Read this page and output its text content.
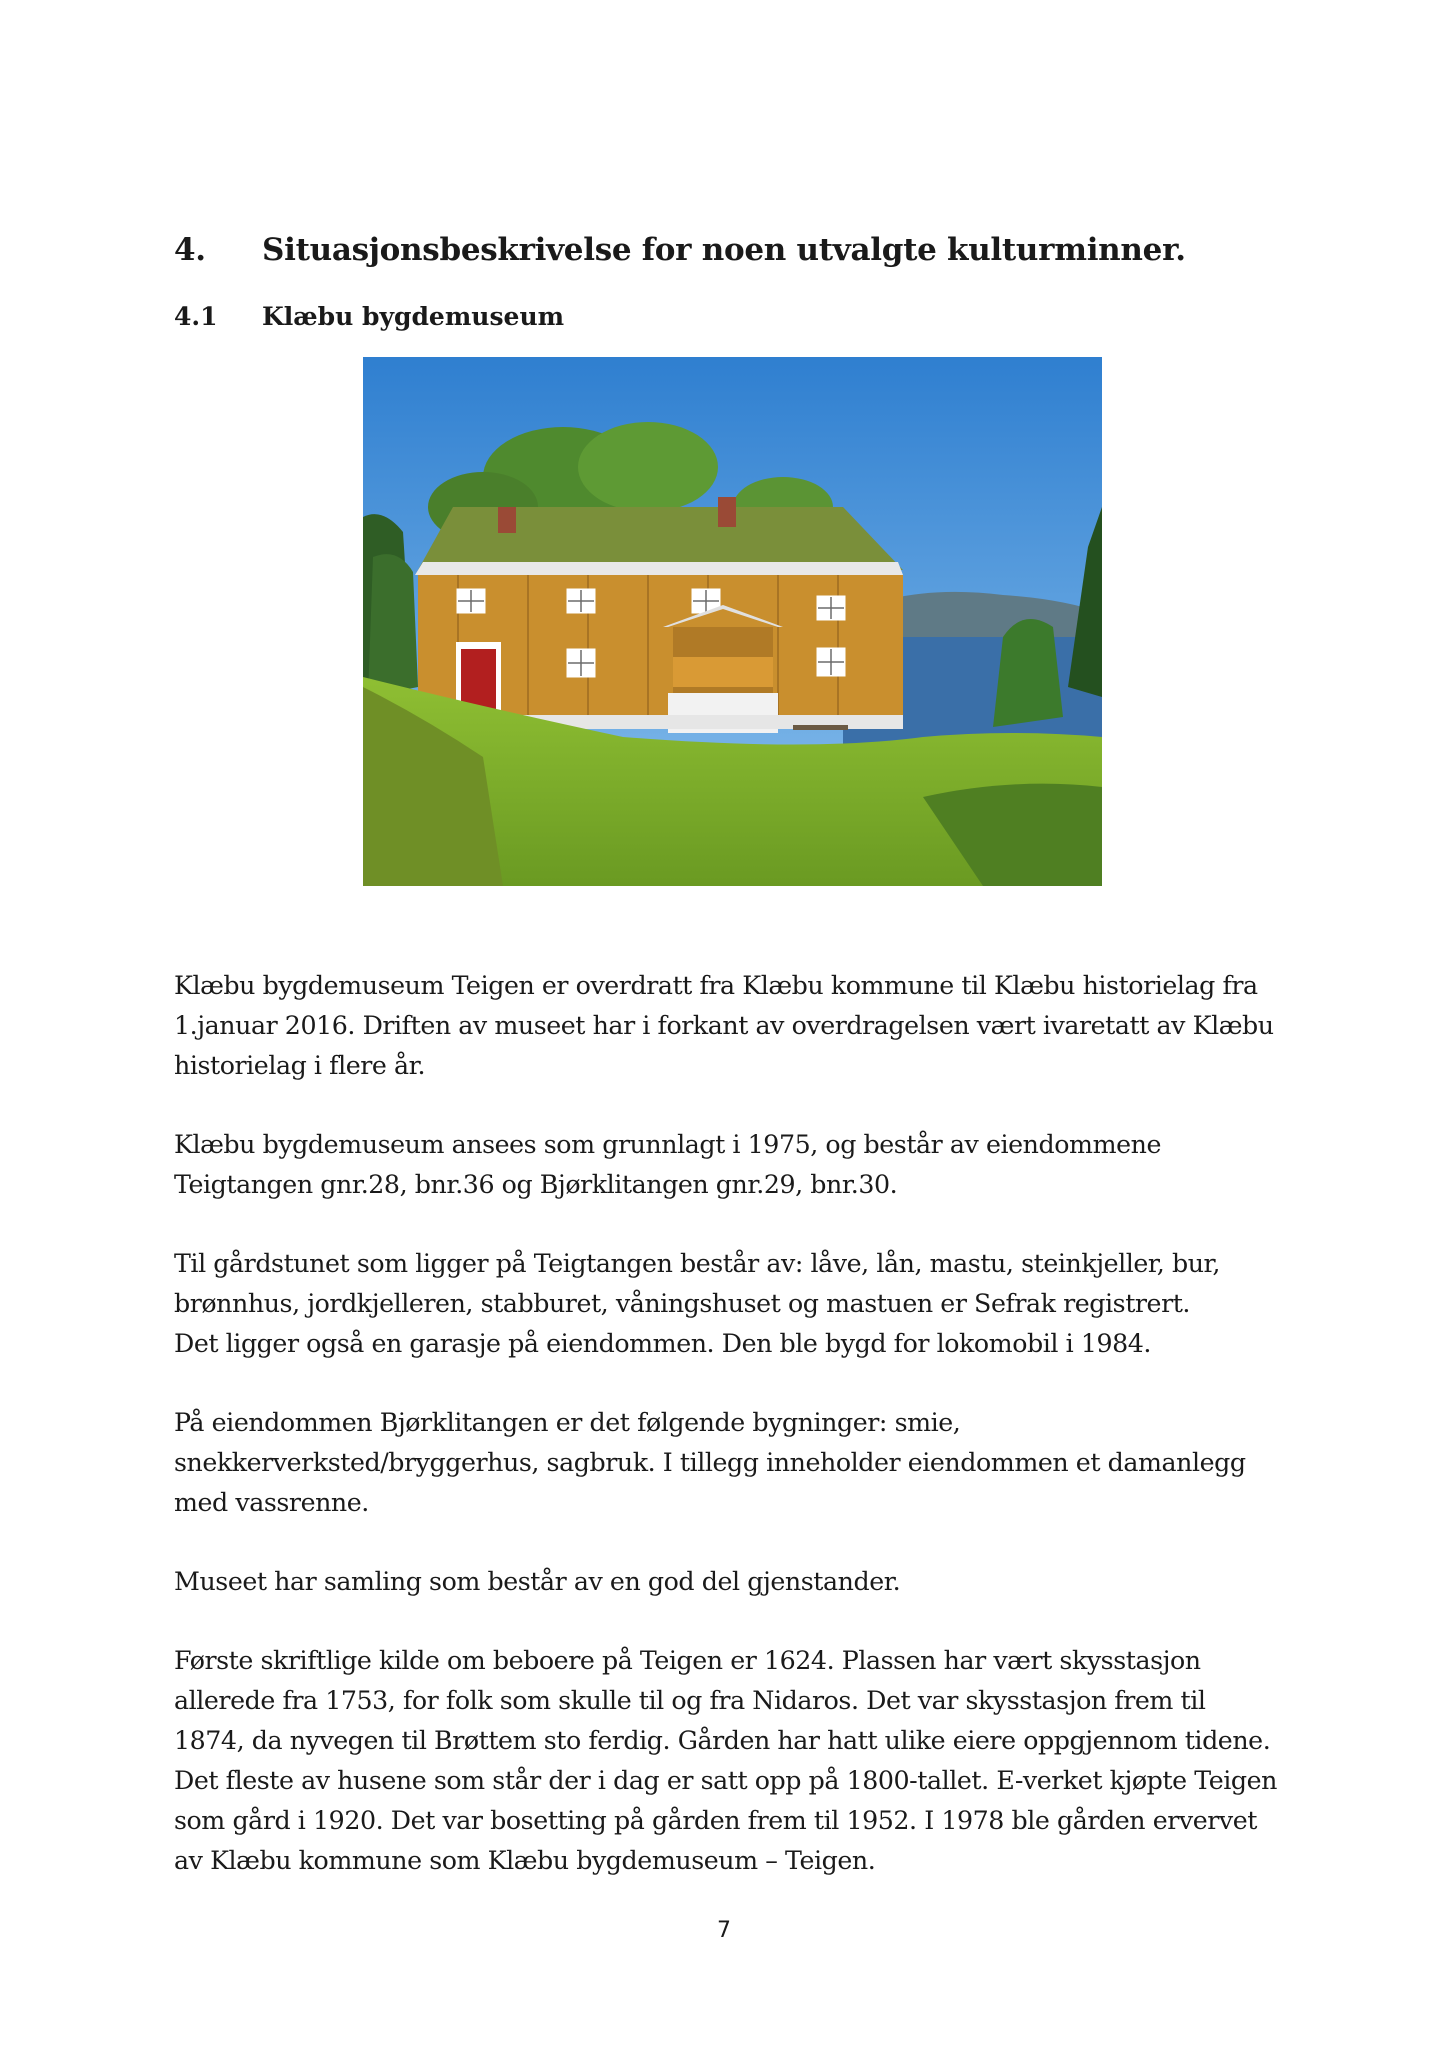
4. Situasjonsbeskrivelse for noen utvalgte kulturminner.
4.1 Klæbu bygdemuseum

Klæbu bygdemuseum Teigen er overdratt fra Klæbu kommune til Klæbu historielag fra
1.januar 2016. Driften av museet har i forkant av overdragelsen vært ivaretatt av Klæbu
historielag i flere år.

Klæbu bygdemuseum ansees som grunnlagt i 1975, og består av eiendommene
Teigtangen gnr.28, bnr.36 og Bjørklitangen gnr.29, bnr.30.

Til gårdstunet som ligger på Teigtangen består av: låve, lån, mastu, steinkjeller, bur,
brønnhus, jordkjelleren, stabburet, våningshuset og mastuen er Sefrak registrert.
Det ligger også en garasje på eiendommen. Den ble bygd for lokomobil i 1984.

På eiendommen Bjørklitangen er det følgende bygninger: smie,
snekkerverksted/bryggerhus, sagbruk. I tillegg inneholder eiendommen et damanlegg
med vassrenne.

Museet har samling som består av en god del gjenstander.

Første skriftlige kilde om beboere på Teigen er 1624. Plassen har vært skysstasjon
allerede fra 1753, for folk som skulle til og fra Nidaros. Det var skysstasjon frem til
1874, da nyvegen til Brøttem sto ferdig. Gården har hatt ulike eiere oppgjennom tidene.
Det fleste av husene som står der i dag er satt opp på 1800-tallet. E-verket kjøpte Teigen
som gård i 1920. Det var bosetting på gården frem til 1952. I 1978 ble gården ervervet
av Klæbu kommune som Klæbu bygdemuseum – Teigen.

7
